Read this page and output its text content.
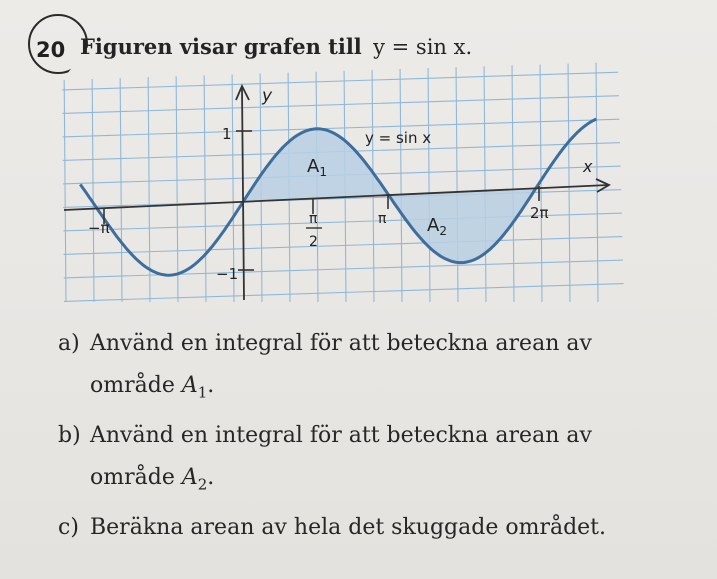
20 Figuren visar grafen till y = sin x.
y
x
y = sin x
1
−1
−π	π
2
π	2π
$A_1$
$A_2$
a) Använd en integral för att beteckna arean av
område $A_1$.
b) Använd en integral för att beteckna arean av
område $A_2$.
c) Beräkna arean av hela det skuggade området.
